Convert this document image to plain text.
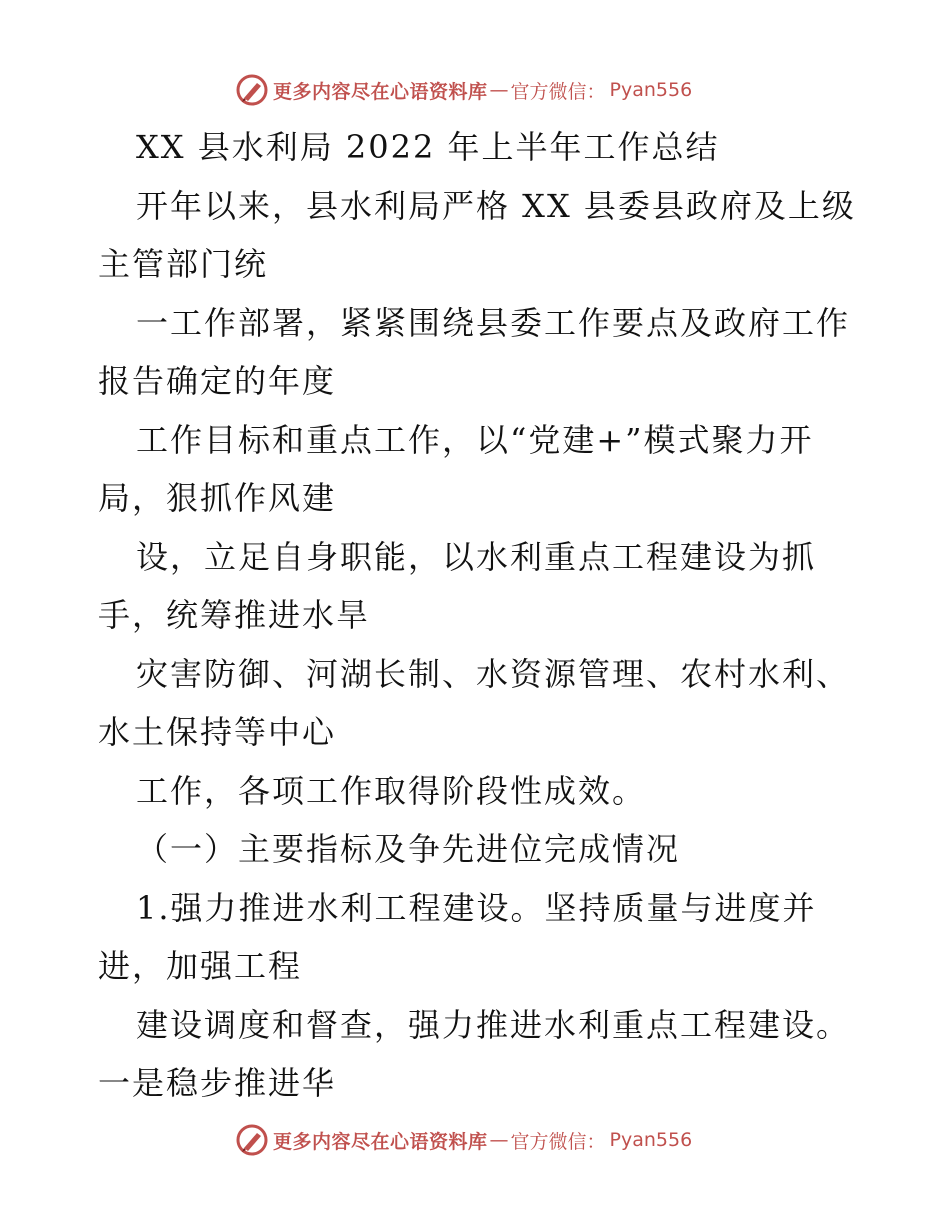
更多内容尽在心语资料库 — 官方微信： Pyan556
XX 县水利局 2022 年上半年工作总结
开年以来，县水利局严格 XX 县委县政府及上级
主管部门统
一工作部署，紧紧围绕县委工作要点及政府工作
报告确定的年度
工作目标和重点工作，以“党建+”模式聚力开
局，狠抓作风建
设，立足自身职能，以水利重点工程建设为抓
手，统筹推进水旱
灾害防御、河湖长制、水资源管理、农村水利、
水土保持等中心
工作，各项工作取得阶段性成效。
（一）主要指标及争先进位完成情况
1.强力推进水利工程建设。坚持质量与进度并
进，加强工程
建设调度和督查，强力推进水利重点工程建设。
一是稳步推进华
更多内容尽在心语资料库 — 官方微信： Pyan556
